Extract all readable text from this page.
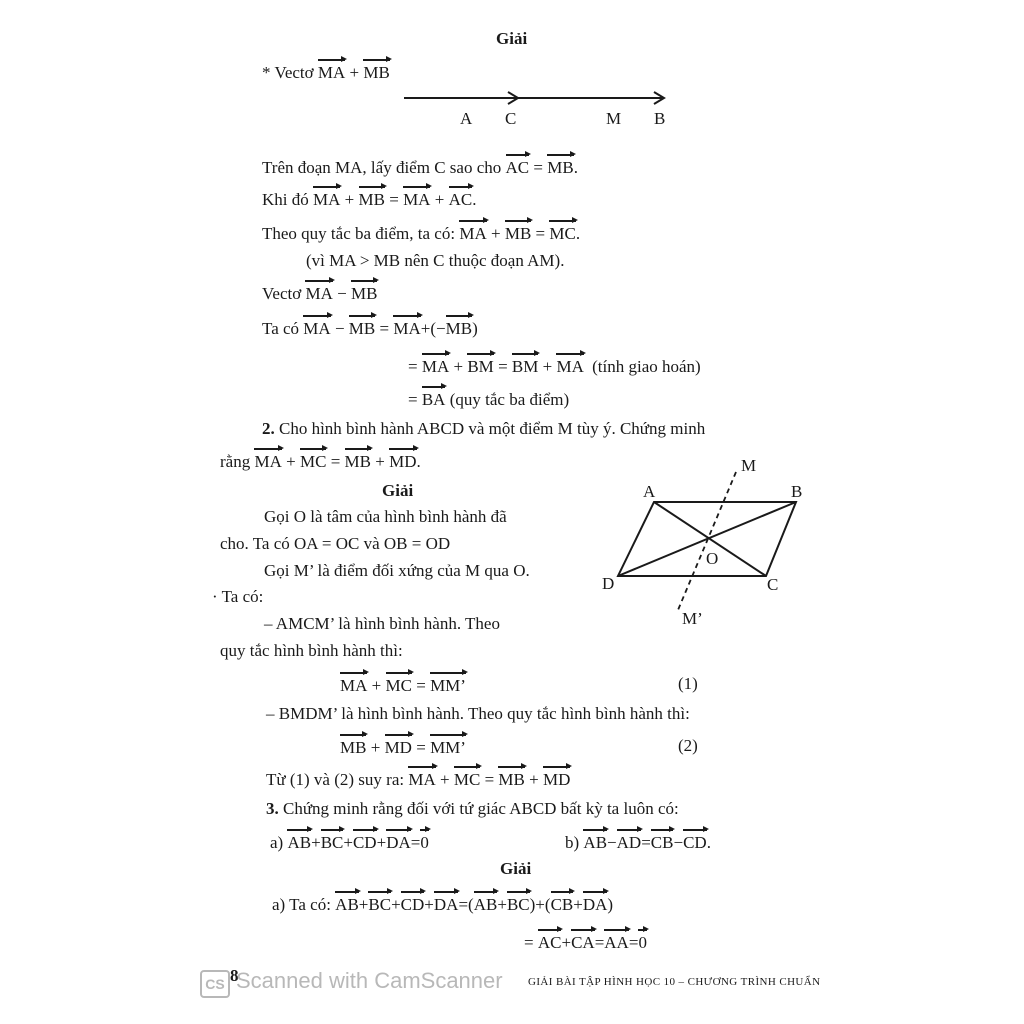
Giải
* Vectơ MA + MB
A C	M B
Trên đoạn MA, lấy điểm C sao cho AC = MB.
Khi đó MA + MB = MA + AC.
Theo quy tắc ba điểm, ta có: MA + MB = MC.
(vì MA > MB nên C thuộc đoạn AM).
Vectơ MA − MB
Ta có MA − MB = MA+(−MB)
= MA + BM = BM + MA (tính giao hoán)
= BA (quy tắc ba điểm)
2. Cho hình bình hành ABCD và một điểm M tùy ý. Chứng minh
rằng MA + MC = MB + MD.
Giải
Gọi O là tâm của hình bình hành đã
cho. Ta có OA = OC và OB = OD
Gọi M’ là điểm đối xứng của M qua O.
· Ta có:
– AMCM’ là hình bình hành. Theo
quy tắc hình bình hành thì:
M
A	B
O
D	C
M’
MA + MC = MM’	(1)
– BMDM’ là hình bình hành. Theo quy tắc hình bình hành thì:
MB + MD = MM’	(2)
Từ (1) và (2) suy ra: MA + MC = MB + MD
3. Chứng minh rằng đối với tứ giác ABCD bất kỳ ta luôn có:
a) AB+BC+CD+DA=0	b) AB−AD=CB−CD.
Giải
a) Ta có: AB+BC+CD+DA=(AB+BC)+(CB+DA)
= AC+CA=AA=0
CS 8
Scanned with CamScanner GIẢI BÀI TẬP HÌNH HỌC 10 – CHƯƠNG TRÌNH CHUẨN
